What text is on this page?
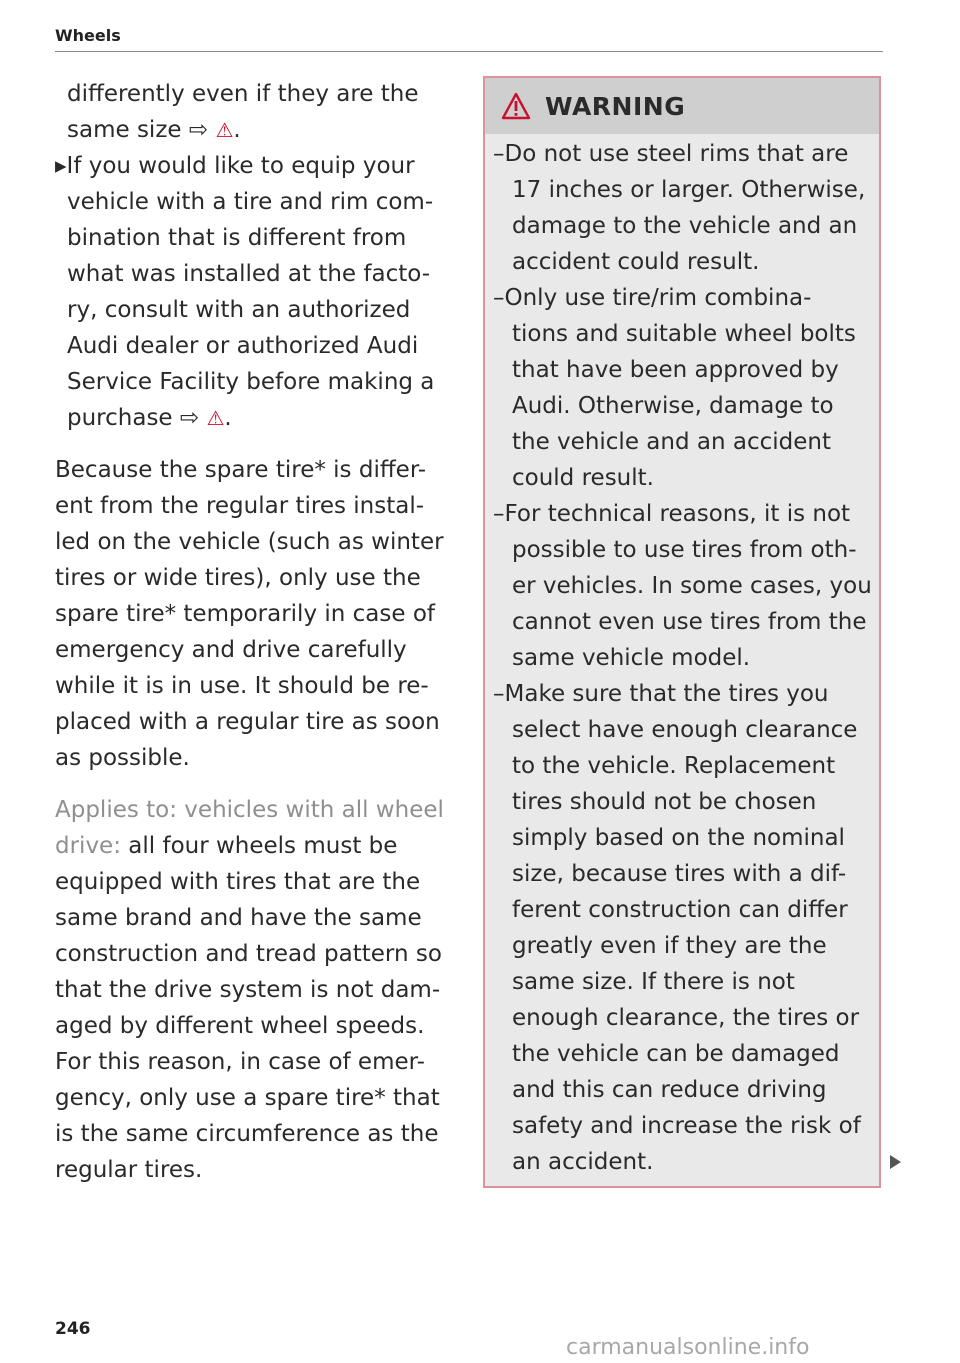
Wheels
differently even if they are the
same size ⇨ ⚠.
▸If you would like to equip your
vehicle with a tire and rim com-
bination that is different from
what was installed at the facto-
ry, consult with an authorized
Audi dealer or authorized Audi
Service Facility before making a
purchase ⇨ ⚠.
Because the spare tire* is differ-
ent from the regular tires instal-
led on the vehicle (such as winter
tires or wide tires), only use the
spare tire* temporarily in case of
emergency and drive carefully
while it is in use. It should be re-
placed with a regular tire as soon
as possible.
Applies to: vehicles with all wheel
drive: all four wheels must be
equipped with tires that are the
same brand and have the same
construction and tread pattern so
that the drive system is not dam-
aged by different wheel speeds.
For this reason, in case of emer-
gency, only use a spare tire* that
is the same circumference as the
regular tires.
WARNING
–Do not use steel rims that are
17 inches or larger. Otherwise,
damage to the vehicle and an
accident could result.
–Only use tire/rim combina-
tions and suitable wheel bolts
that have been approved by
Audi. Otherwise, damage to
the vehicle and an accident
could result.
–For technical reasons, it is not
possible to use tires from oth-
er vehicles. In some cases, you
cannot even use tires from the
same vehicle model.
–Make sure that the tires you
select have enough clearance
to the vehicle. Replacement
tires should not be chosen
simply based on the nominal
size, because tires with a dif-
ferent construction can differ
greatly even if they are the
same size. If there is not
enough clearance, the tires or
the vehicle can be damaged
and this can reduce driving
safety and increase the risk of
an accident.
246
carmanualsonline.info
